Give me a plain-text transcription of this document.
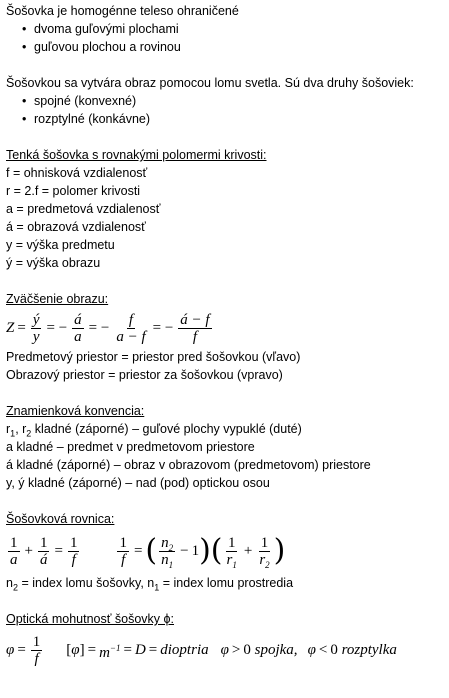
Šošovka je homogénne teleso ohraničené
• dvoma guľovými plochami
• guľovou plochou a rovinou
Šošovkou sa vytvára obraz pomocou lomu svetla. Sú dva druhy šošoviek:
• spojné (konvexné)
• rozptylné (konkávne)
Tenká šošovka s rovnakými polomermi krivosti:
f = ohnisková vzdialenosť
r = 2.f = polomer krivosti
a = predmetová vzdialenosť
á = obrazová vzdialenosť
y = výška predmetu
ý = výška obrazu
Zväčšenie obrazu:
$Z = \frac{ý}{y}$ = − $\frac{á}{a}$ = − $\frac{f}{a - f}$ = − $\frac{á - f}{f}$
Predmetový priestor = priestor pred šošovkou (vľavo)
Obrazový priestor = priestor za šošovkou (vpravo)
Znamienková konvencia:
$r_1$, $r_2$ kladné (záporné) – guľové plochy vypuklé (duté)
a kladné – predmet v predmetovom priestore
á kladné (záporné) – obraz v obrazovom (predmetovom) priestore
y, ý kladné (záporné) – nad (pod) optickou osou
Šošovková rovnica:
$\frac{1}{a} + \frac{1}{á} = \frac{1}{f}$	$\frac{1}{f}$ = ( $\frac{n_2}{n_1} - 1$ )( $\frac{1}{r_1} + \frac{1}{r_2}$ )
$n_2$ = index lomu šošovky, $n_1$ = index lomu prostredia
Optická mohutnosť šošovky ϕ:
$\varphi = \frac{1}{f}$ [ φ ] = $m^{-1} = D$ = dioptria φ > 0
spojka, φ < 0
rozptylka
